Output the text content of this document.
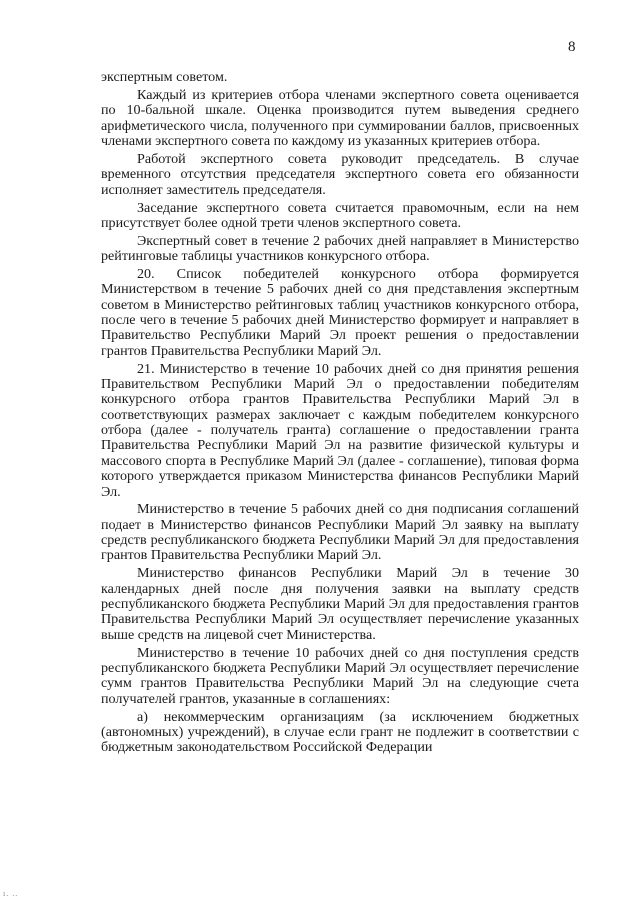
8

экспертным советом.

Каждый из критериев отбора членами экспертного совета оценивается по 10-бальной шкале. Оценка производится путем выведения среднего арифметического числа, полученного при суммировании баллов, присвоенных членами экспертного совета по каждому из указанных критериев отбора.

Работой экспертного совета руководит председатель. В случае временного отсутствия председателя экспертного совета его обязанности исполняет заместитель председателя.

Заседание экспертного совета считается правомочным, если на нем присутствует более одной трети членов экспертного совета.

Экспертный совет в течение 2 рабочих дней направляет в Министерство рейтинговые таблицы участников конкурсного отбора.

20. Список победителей конкурсного отбора формируется Министерством в течение 5 рабочих дней со дня представления экспертным советом в Министерство рейтинговых таблиц участников конкурсного отбора, после чего в течение 5 рабочих дней Министерство формирует и направляет в Правительство Республики Марий Эл проект решения о предоставлении грантов Правительства Республики Марий Эл.

21. Министерство в течение 10 рабочих дней со дня принятия решения Правительством Республики Марий Эл о предоставлении победителям конкурсного отбора грантов Правительства Республики Марий Эл в соответствующих размерах заключает с каждым победителем конкурсного отбора (далее - получатель гранта) соглашение о предоставлении гранта Правительства Республики Марий Эл на развитие физической культуры и массового спорта в Республике Марий Эл (далее - соглашение), типовая форма которого утверждается приказом Министерства финансов Республики Марий Эл.

Министерство в течение 5 рабочих дней со дня подписания соглашений подает в Министерство финансов Республики Марий Эл заявку на выплату средств республиканского бюджета Республики Марий Эл для предоставления грантов Правительства Республики Марий Эл.

Министерство финансов Республики Марий Эл в течение 30 календарных дней после дня получения заявки на выплату средств республиканского бюджета Республики Марий Эл для предоставления грантов Правительства Республики Марий Эл осуществляет перечисление указанных выше средств на лицевой счет Министерства.

Министерство в течение 10 рабочих дней со дня поступления средств республиканского бюджета Республики Марий Эл осуществляет перечисление сумм грантов Правительства Республики Марий Эл на следующие счета получателей грантов, указанные в соглашениях:

а) некоммерческим организациям (за исключением бюджетных (автономных) учреждений), в случае если грант не подлежит в соответствии с бюджетным законодательством Российской Федерации

ı. ..
